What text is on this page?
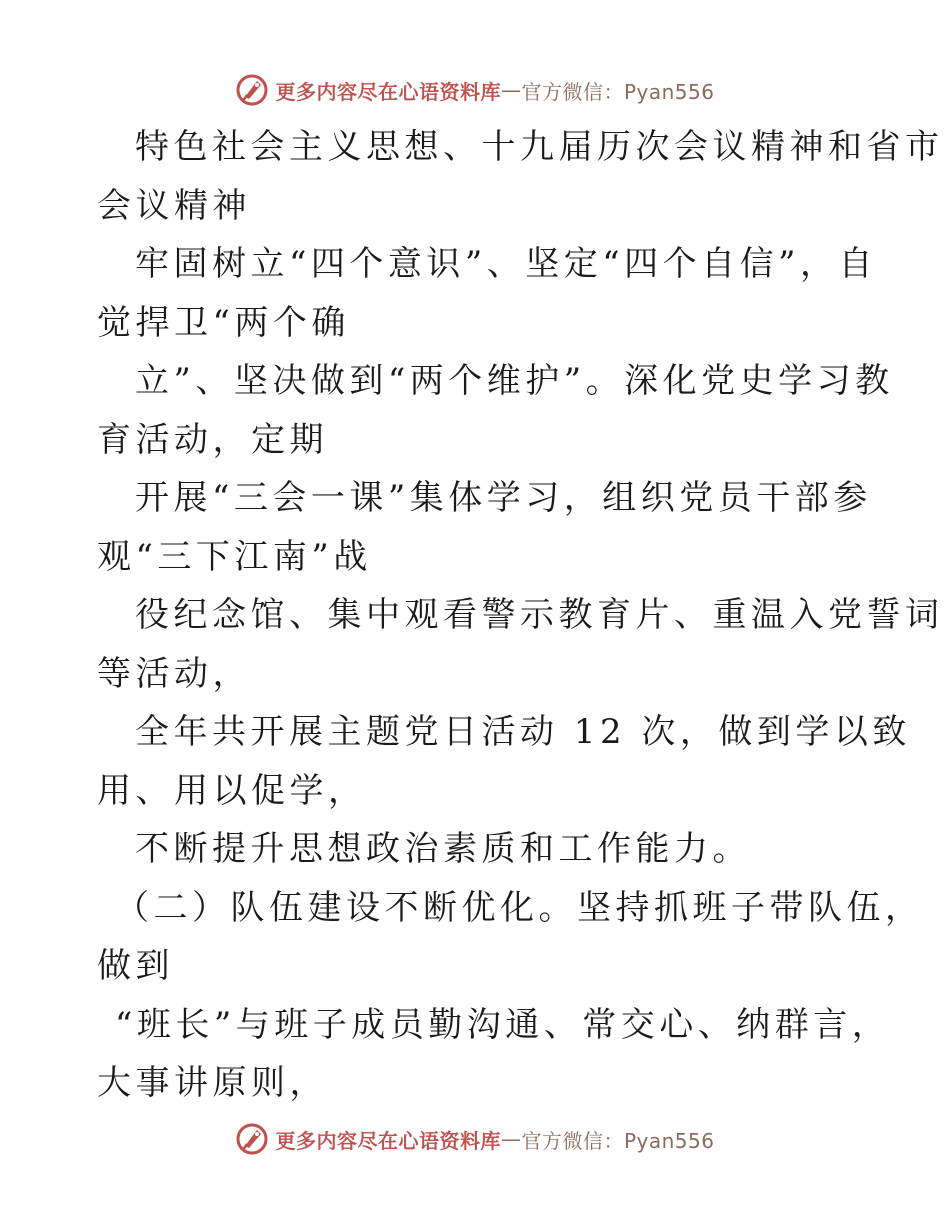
更多内容尽在心语资料库 — 官方微信：Pyan556
特色社会主义思想、十九届历次会议精神和省市
会议精神
牢固树立“四个意识”、坚定“四个自信”，自
觉捍卫“两个确
立”、坚决做到“两个维护”。深化党史学习教
育活动，定期
开展“三会一课”集体学习，组织党员干部参
观“三下江南”战
役纪念馆、集中观看警示教育片、重温入党誓词
等活动，
全年共开展主题党日活动 12 次，做到学以致
用、用以促学，
不断提升思想政治素质和工作能力。
（二）队伍建设不断优化。坚持抓班子带队伍，
做到
“班长”与班子成员勤沟通、常交心、纳群言，
大事讲原则，
更多内容尽在心语资料库 — 官方微信：Pyan556
